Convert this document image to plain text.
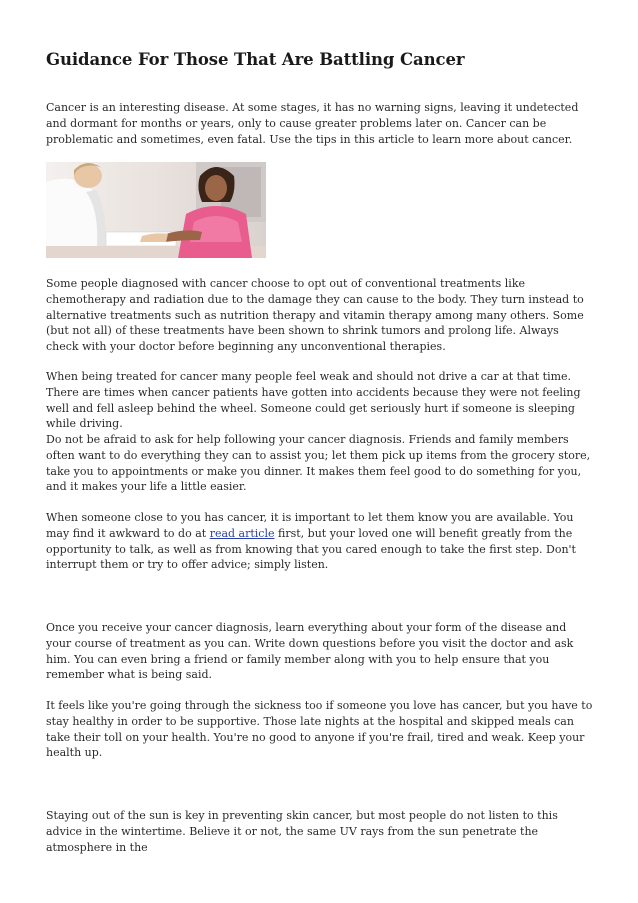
Guidance For Those That Are Battling Cancer

Cancer is an interesting disease. At some stages, it has no warning signs, leaving it undetected and dormant for months or years, only to cause greater problems later on. Cancer can be problematic and sometimes, even fatal. Use the tips in this article to learn more about cancer.

Some people diagnosed with cancer choose to opt out of conventional treatments like chemotherapy and radiation due to the damage they can cause to the body. They turn instead to alternative treatments such as nutrition therapy and vitamin therapy among many others. Some (but not all) of these treatments have been shown to shrink tumors and prolong life. Always check with your doctor before beginning any unconventional therapies.

When being treated for cancer many people feel weak and should not drive a car at that time. There are times when cancer patients have gotten into accidents because they were not feeling well and fell asleep behind the wheel. Someone could get seriously hurt if someone is sleeping while driving.

Do not be afraid to ask for help following your cancer diagnosis. Friends and family members often want to do everything they can to assist you; let them pick up items from the grocery store, take you to appointments or make you dinner. It makes them feel good to do something for you, and it makes your life a little easier.

When someone close to you has cancer, it is important to let them know you are available. You may find it awkward to do at read article first, but your loved one will benefit greatly from the opportunity to talk, as well as from knowing that you cared enough to take the first step. Don't interrupt them or try to offer advice; simply listen.

Once you receive your cancer diagnosis, learn everything about your form of the disease and your course of treatment as you can. Write down questions before you visit the doctor and ask him. You can even bring a friend or family member along with you to help ensure that you remember what is being said.

It feels like you're going through the sickness too if someone you love has cancer, but you have to stay healthy in order to be supportive. Those late nights at the hospital and skipped meals can take their toll on your health. You're no good to anyone if you're frail, tired and weak. Keep your health up.

Staying out of the sun is key in preventing skin cancer, but most people do not listen to this advice in the wintertime. Believe it or not, the same UV rays from the sun penetrate the atmosphere in the
